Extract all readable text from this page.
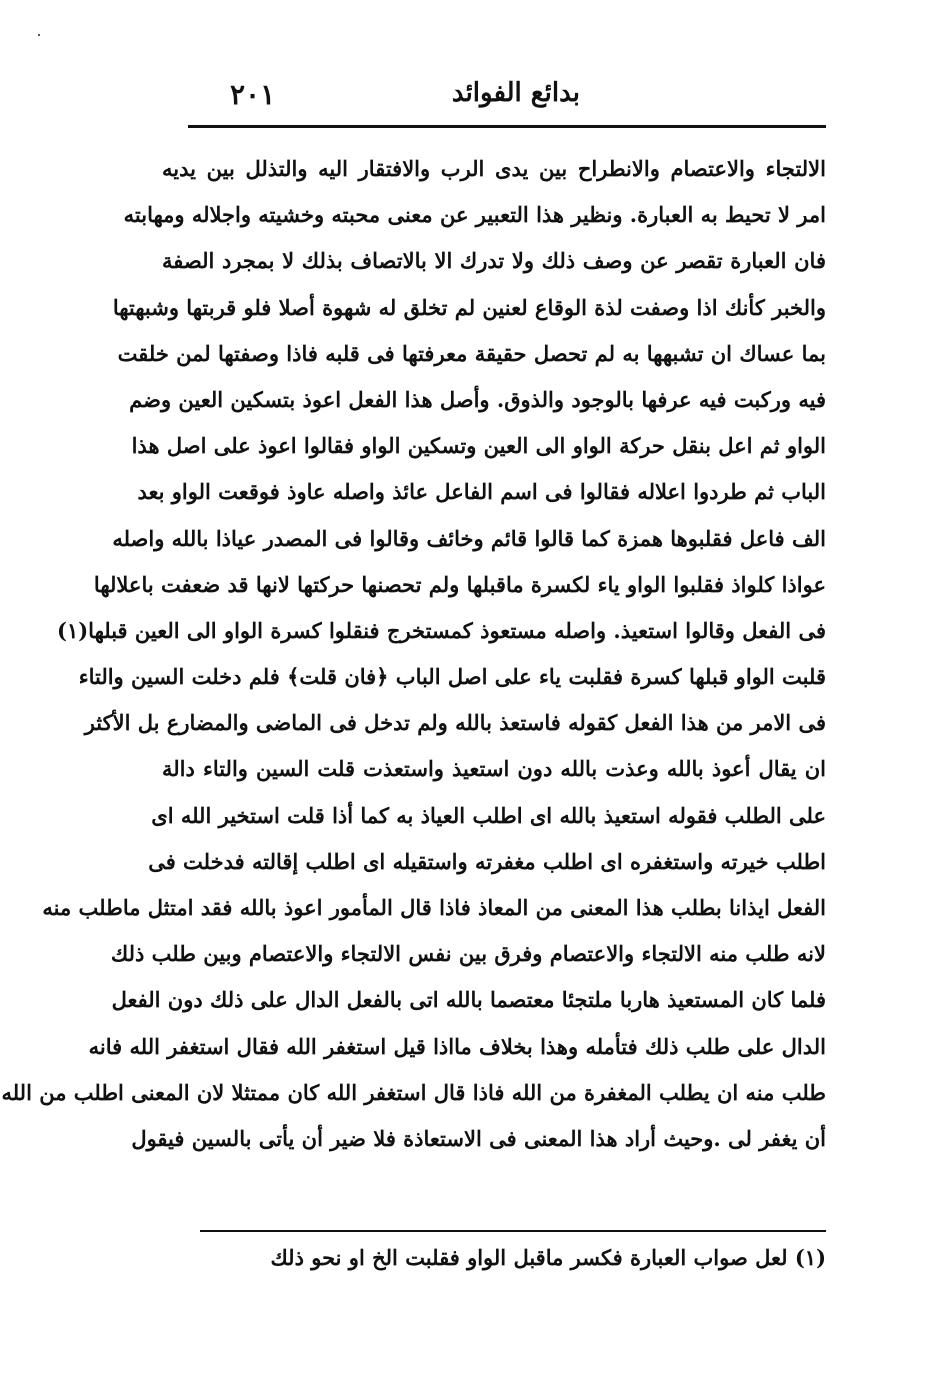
بدائع الفوائد
٢٠١
الالتجاء والاعتصام والانطراح بين يدى الرب والافتقار اليه والتذلل بين يديه
امر لا تحيط به العبارة. ونظير هذا التعبير عن معنى محبته وخشيته واجلاله ومهابته
فان العبارة تقصر عن وصف ذلك ولا تدرك الا بالاتصاف بذلك لا بمجرد الصفة
والخبر كأنك اذا وصفت لذة الوقاع لعنين لم تخلق له شهوة أصلا فلو قربتها وشبهتها
بما عساك ان تشبهها به لم تحصل حقيقة معرفتها فى قلبه فاذا وصفتها لمن خلقت
فيه وركبت فيه عرفها بالوجود والذوق. وأصل هذا الفعل اعوذ بتسكين العين وضم
الواو ثم اعل بنقل حركة الواو الى العين وتسكين الواو فقالوا اعوذ على اصل هذا
الباب ثم طردوا اعلاله فقالوا فى اسم الفاعل عائذ واصله عاوذ فوقعت الواو بعد
الف فاعل فقلبوها همزة كما قالوا قائم وخائف وقالوا فى المصدر عياذا بالله واصله
عواذا كلواذ فقلبوا الواو ياء لكسرة ماقبلها ولم تحصنها حركتها لانها قد ضعفت باعلالها
فى الفعل وقالوا استعيذ. واصله مستعوذ كمستخرج فنقلوا كسرة الواو الى العين قبلها(١)
قلبت الواو قبلها كسرة فقلبت ياء على اصل الباب ﴿فان قلت﴾ فلم دخلت السين والتاء
فى الامر من هذا الفعل كقوله فاستعذ بالله ولم تدخل فى الماضى والمضارع بل الأكثر
ان يقال أعوذ بالله وعذت بالله دون استعيذ واستعذت قلت السين والتاء دالة
على الطلب فقوله استعيذ بالله اى اطلب العياذ به كما أذا قلت استخير الله اى
اطلب خيرته واستغفره اى اطلب مغفرته واستقيله اى اطلب إقالته فدخلت فى
الفعل ايذانا بطلب هذا المعنى من المعاذ فاذا قال المأمور اعوذ بالله فقد امتثل ماطلب منه
لانه طلب منه الالتجاء والاعتصام وفرق بين نفس الالتجاء والاعتصام وبين طلب ذلك
فلما كان المستعيذ هاربا ملتجئا معتصما بالله اتى بالفعل الدال على ذلك دون الفعل
الدال على طلب ذلك فتأمله وهذا بخلاف مااذا قيل استغفر الله فقال استغفر الله فانه
طلب منه ان يطلب المغفرة من الله فاذا قال استغفر الله كان ممتثلا لان المعنى اطلب من الله
أن يغفر لى .وحيث أراد هذا المعنى فى الاستعاذة فلا ضير أن يأتى بالسين فيقول
(١) لعل صواب العبارة فكسر ماقبل الواو فقلبت الخ او نحو ذلك
